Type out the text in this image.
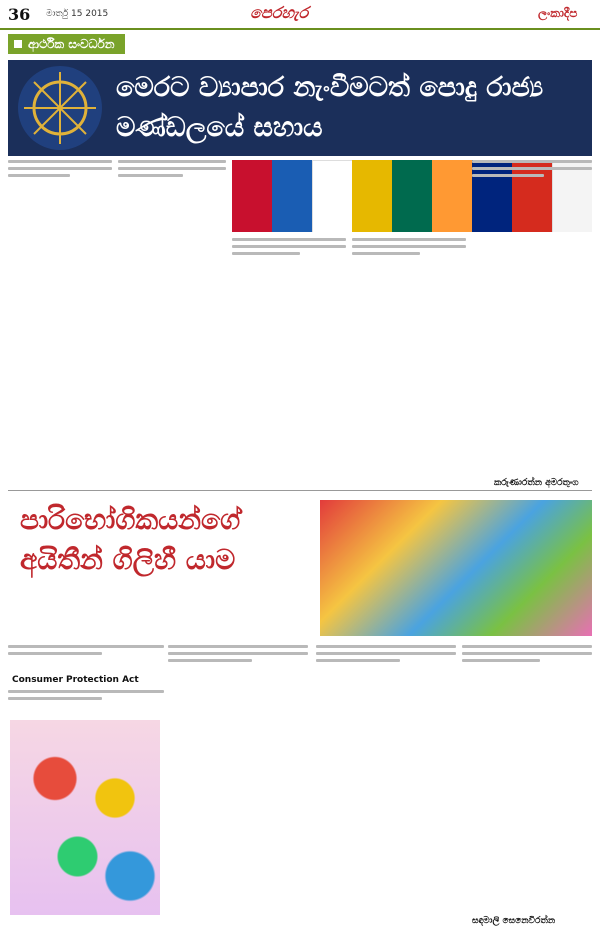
36 මාර්තු 15 2015	පෙරහැර	ලංකාදීප
ආර්ථික සංවර්ධන
මෙරට ව්‍යාපාර නැංවීමටත් පොදු රාජ්‍ය මණ්ඩලයේ සහාය
කරුණාරත්න අමරතුංග
පාරිභෝගිකයන්ගේ අයිතීන් ගිලිහී යාම
Consumer Protection Act
සඳමාලි සෙනෙවිරත්න
